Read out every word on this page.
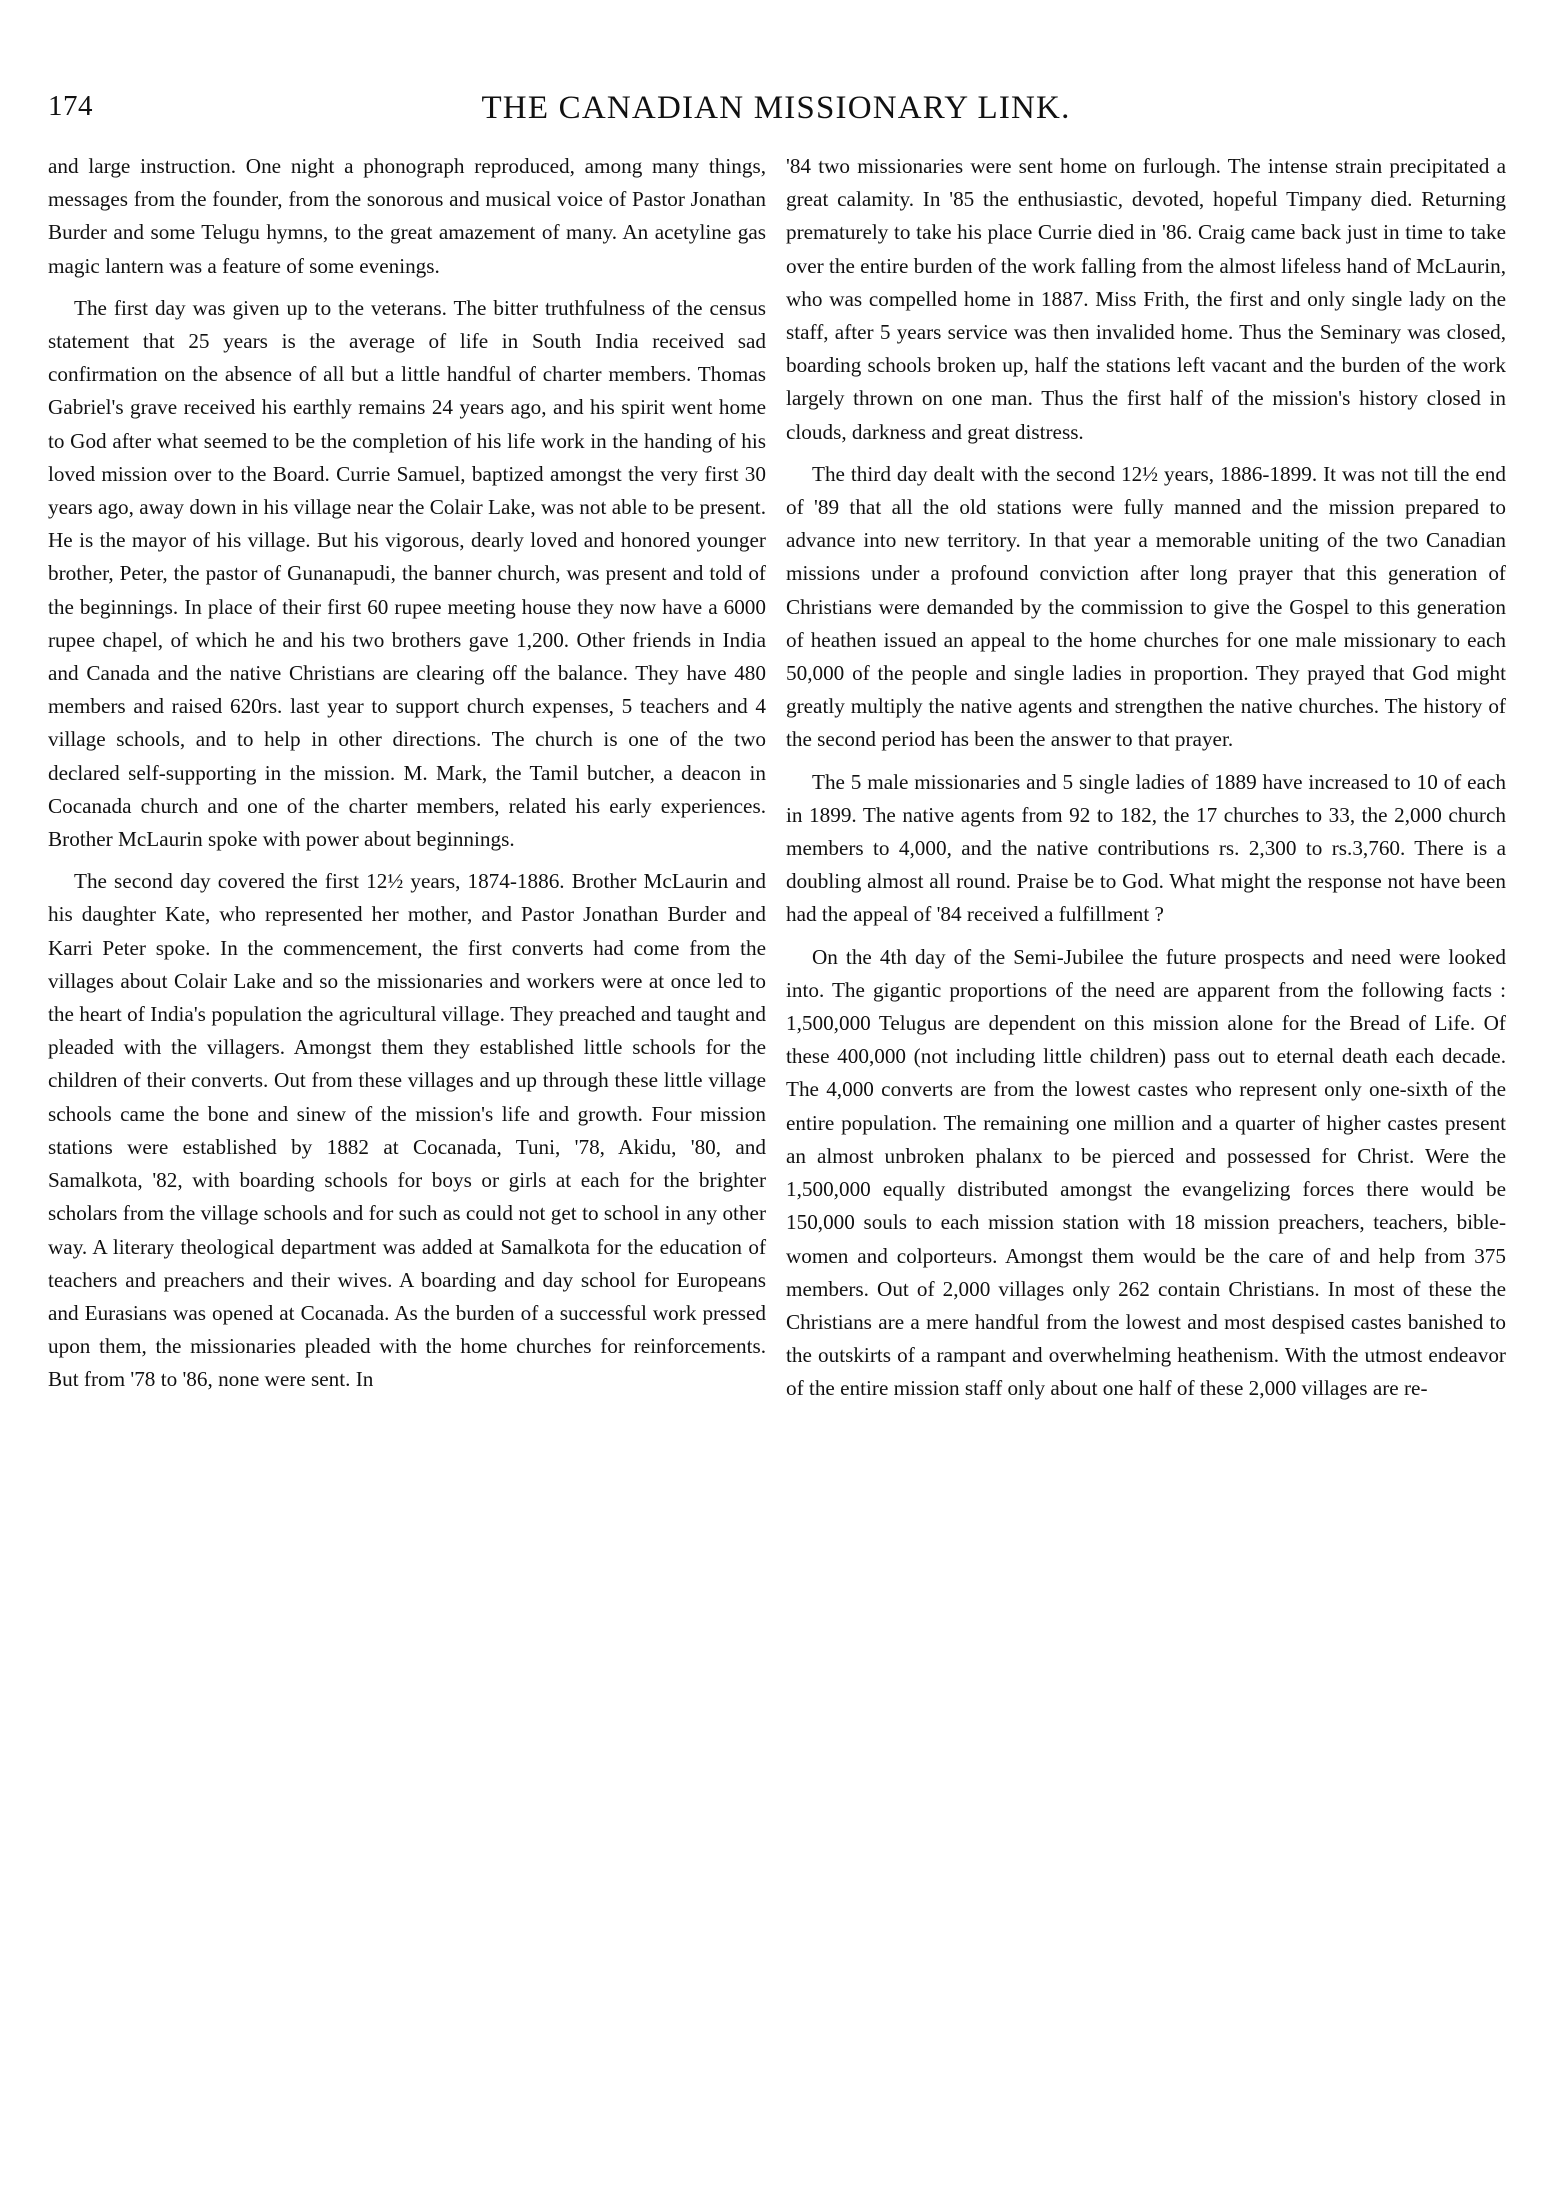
174	THE CANADIAN MISSIONARY LINK.

and large instruction. One night a phonograph reproduced, among many things, messages from the founder, from the sonorous and musical voice of Pastor Jonathan Burder and some Telugu hymns, to the great amazement of many. An acetyline gas magic lantern was a feature of some evenings.

The first day was given up to the veterans. The bitter truthfulness of the census statement that 25 years is the average of life in South India received sad confirmation on the absence of all but a little handful of charter members. Thomas Gabriel's grave received his earthly remains 24 years ago, and his spirit went home to God after what seemed to be the completion of his life work in the handing of his loved mission over to the Board. Currie Samuel, baptized amongst the very first 30 years ago, away down in his village near the Colair Lake, was not able to be present. He is the mayor of his village. But his vigorous, dearly loved and honored younger brother, Peter, the pastor of Gunanapudi, the banner church, was present and told of the beginnings. In place of their first 60 rupee meeting house they now have a 6000 rupee chapel, of which he and his two brothers gave 1,200. Other friends in India and Canada and the native Christians are clearing off the balance. They have 480 members and raised 620rs. last year to support church expenses, 5 teachers and 4 village schools, and to help in other directions. The church is one of the two declared self-supporting in the mission. M. Mark, the Tamil butcher, a deacon in Cocanada church and one of the charter members, related his early experiences. Brother McLaurin spoke with power about beginnings.

The second day covered the first 12½ years, 1874-1886. Brother McLaurin and his daughter Kate, who represented her mother, and Pastor Jonathan Burder and Karri Peter spoke. In the commencement, the first converts had come from the villages about Colair Lake and so the missionaries and workers were at once led to the heart of India's population the agricultural village. They preached and taught and pleaded with the villagers. Amongst them they established little schools for the children of their converts. Out from these villages and up through these little village schools came the bone and sinew of the mission's life and growth. Four mission stations were established by 1882 at Cocanada, Tuni, '78, Akidu, '80, and Samalkota, '82, with boarding schools for boys or girls at each for the brighter scholars from the village schools and for such as could not get to school in any other way. A literary theological department was added at Samalkota for the education of teachers and preachers and their wives. A boarding and day school for Europeans and Eurasians was opened at Cocanada. As the burden of a successful work pressed upon them, the missionaries pleaded with the home churches for reinforcements. But from '78 to '86, none were sent. In

'84 two missionaries were sent home on furlough. The intense strain precipitated a great calamity. In '85 the enthusiastic, devoted, hopeful Timpany died. Returning prematurely to take his place Currie died in '86. Craig came back just in time to take over the entire burden of the work falling from the almost lifeless hand of McLaurin, who was compelled home in 1887. Miss Frith, the first and only single lady on the staff, after 5 years service was then invalided home. Thus the Seminary was closed, boarding schools broken up, half the stations left vacant and the burden of the work largely thrown on one man. Thus the first half of the mission's history closed in clouds, darkness and great distress.

The third day dealt with the second 12½ years, 1886-1899. It was not till the end of '89 that all the old stations were fully manned and the mission prepared to advance into new territory. In that year a memorable uniting of the two Canadian missions under a profound conviction after long prayer that this generation of Christians were demanded by the commission to give the Gospel to this generation of heathen issued an appeal to the home churches for one male missionary to each 50,000 of the people and single ladies in proportion. They prayed that God might greatly multiply the native agents and strengthen the native churches. The history of the second period has been the answer to that prayer.

The 5 male missionaries and 5 single ladies of 1889 have increased to 10 of each in 1899. The native agents from 92 to 182, the 17 churches to 33, the 2,000 church members to 4,000, and the native contributions rs. 2,300 to rs.3,760. There is a doubling almost all round. Praise be to God. What might the response not have been had the appeal of '84 received a fulfillment ?

On the 4th day of the Semi-Jubilee the future prospects and need were looked into. The gigantic proportions of the need are apparent from the following facts : 1,500,000 Telugus are dependent on this mission alone for the Bread of Life. Of these 400,000 (not including little children) pass out to eternal death each decade. The 4,000 converts are from the lowest castes who represent only one-sixth of the entire population. The remaining one million and a quarter of higher castes present an almost unbroken phalanx to be pierced and possessed for Christ. Were the 1,500,000 equally distributed amongst the evangelizing forces there would be 150,000 souls to each mission station with 18 mission preachers, teachers, bible-women and colporteurs. Amongst them would be the care of and help from 375 members. Out of 2,000 villages only 262 contain Christians. In most of these the Christians are a mere handful from the lowest and most despised castes banished to the outskirts of a rampant and overwhelming heathenism. With the utmost endeavor of the entire mission staff only about one half of these 2,000 villages are re-
